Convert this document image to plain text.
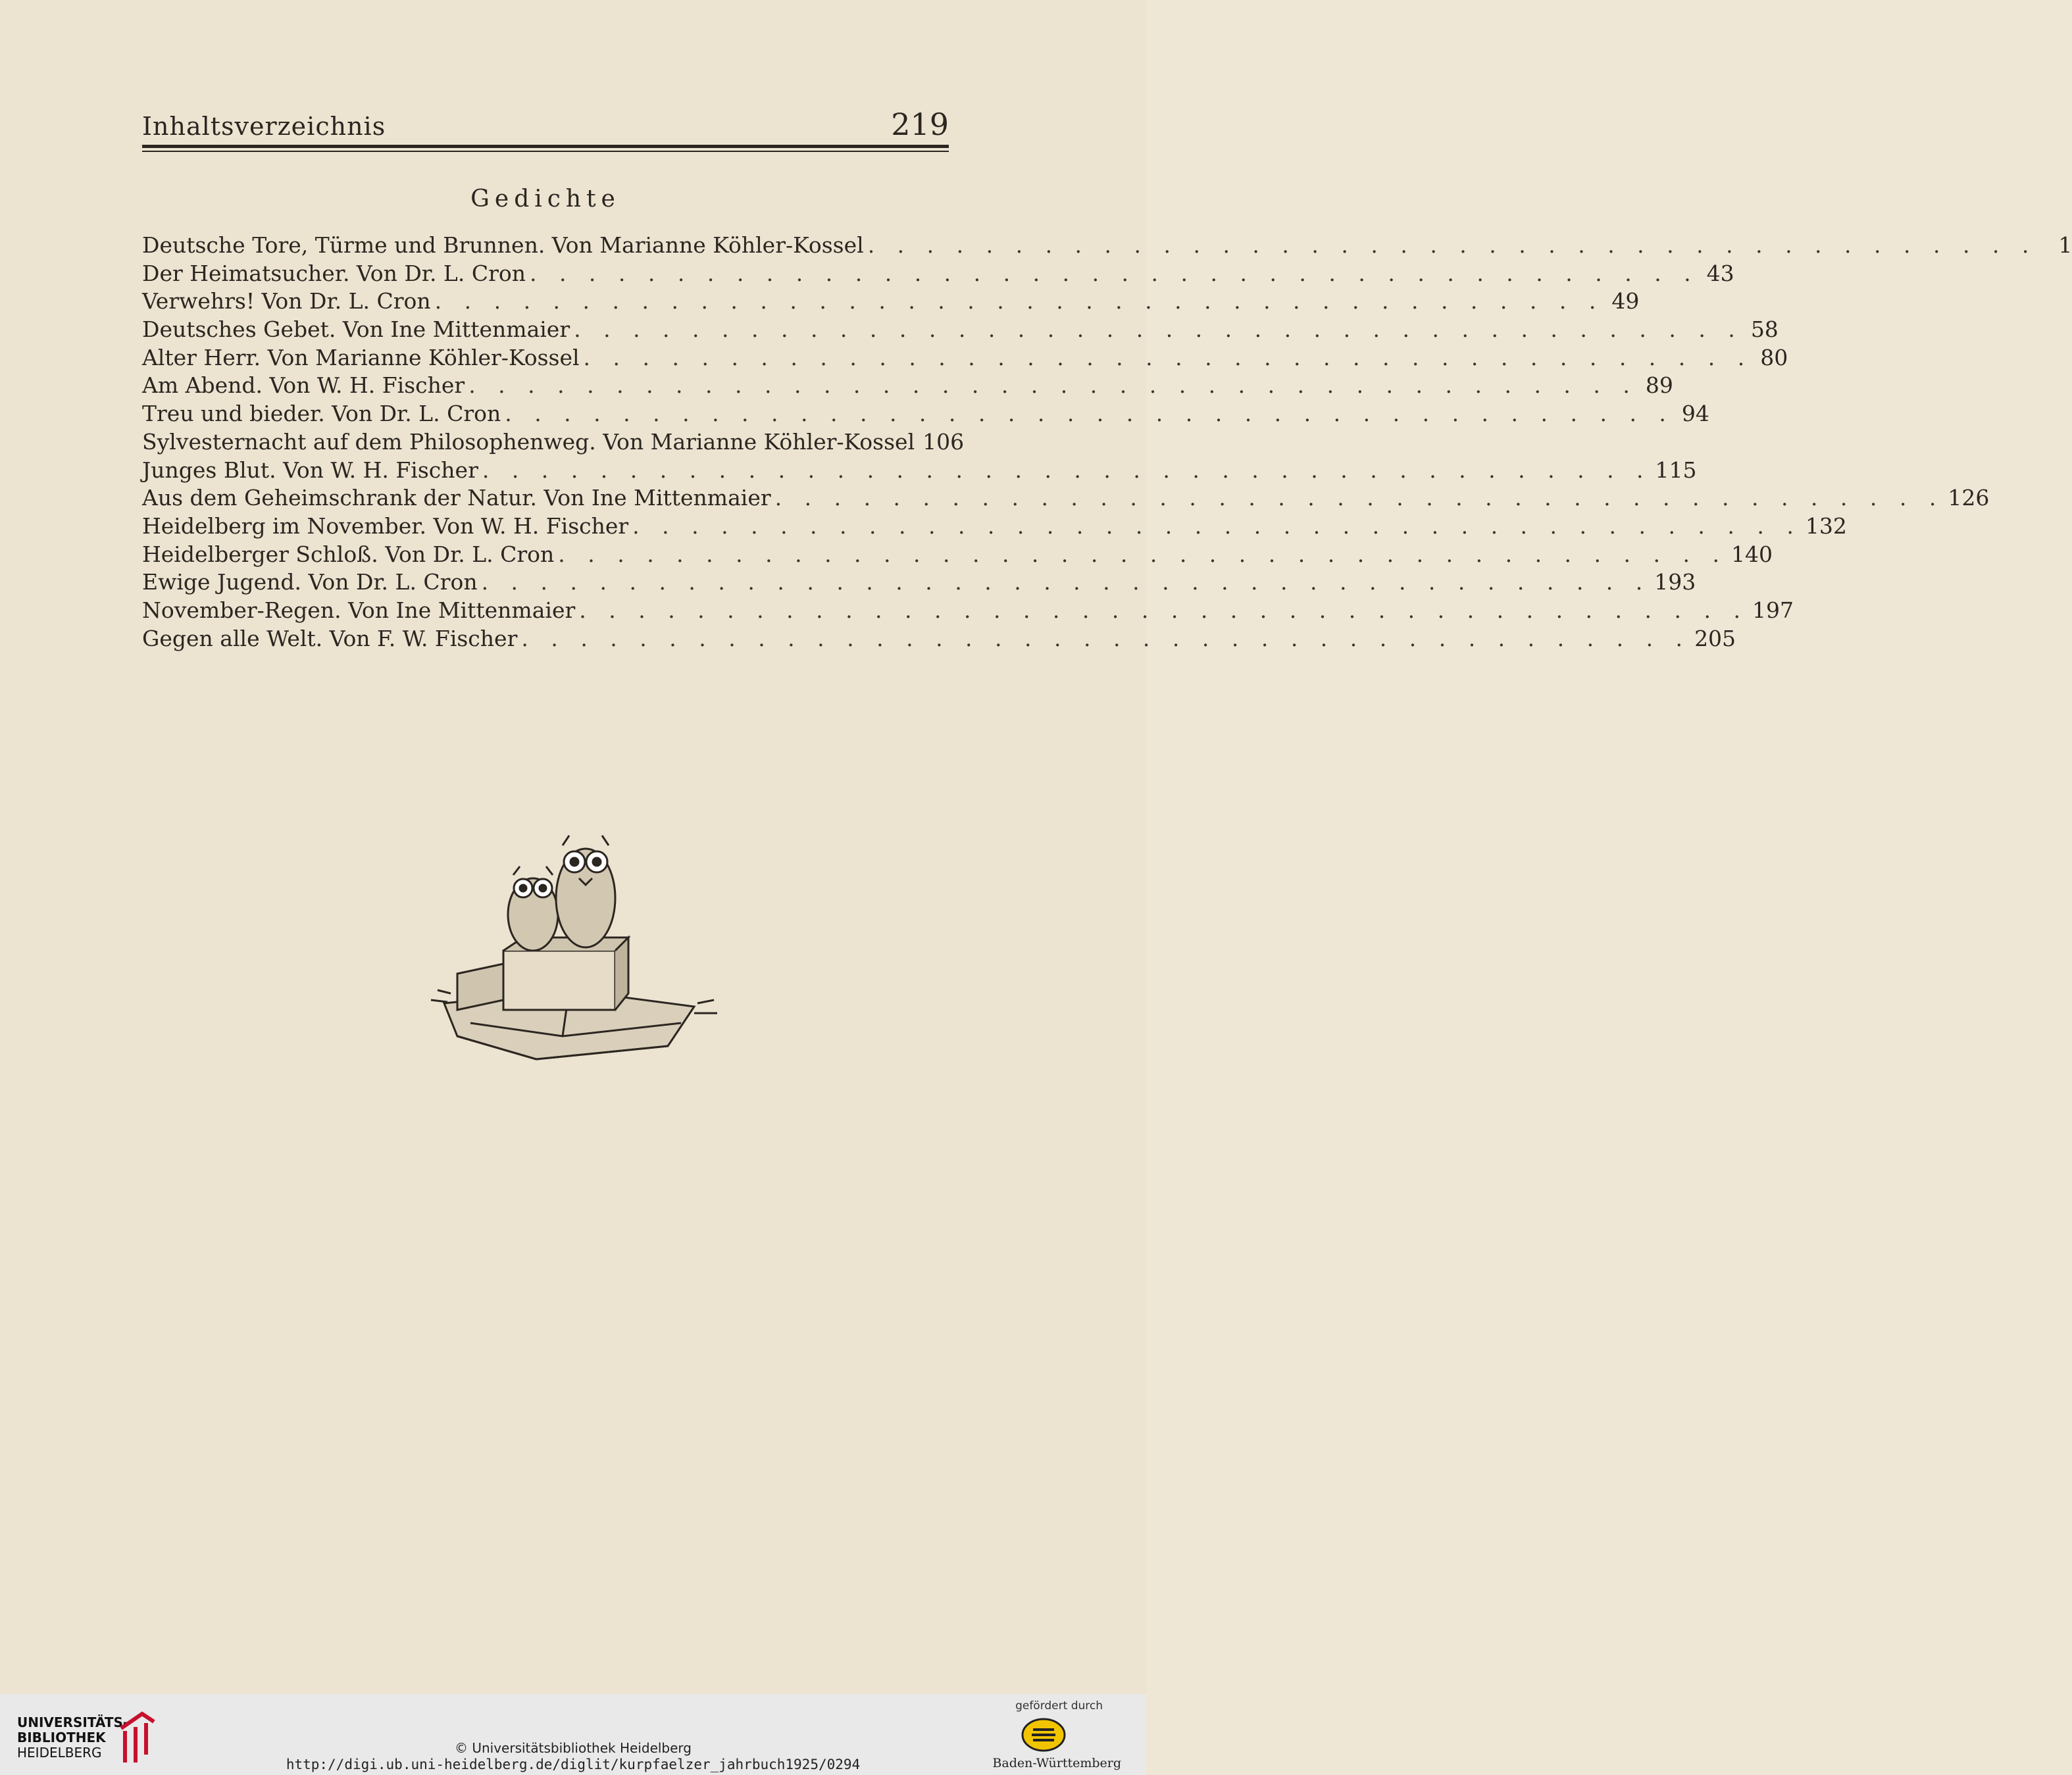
Inhaltsverzeichnis	219
Gedichte
Deutsche Tore, Türme und Brunnen. Von Marianne Köhler-Kossel . . . . . . . . . . . . . . . . . . . . . . . . . . . . . . . . . . . . . . . .	1
Der Heimatsucher. Von Dr. L. Cron . . . . . . . . . . . . . . . . . . . . . . . . . . . . . . . . . . . . . . . . 43
Verwehrs! Von Dr. L. Cron . . . . . . . . . . . . . . . . . . . . . . . . . . . . . . . . . . . . . . . . 49
Deutsches Gebet. Von Ine Mittenmaier . . . . . . . . . . . . . . . . . . . . . . . . . . . . . . . . . . . . . . . . 58
Alter Herr. Von Marianne Köhler-Kossel . . . . . . . . . . . . . . . . . . . . . . . . . . . . . . . . . . . . . . . . 80
Am Abend. Von W. H. Fischer . . . . . . . . . . . . . . . . . . . . . . . . . . . . . . . . . . . . . . . . 89
Treu und bieder. Von Dr. L. Cron . . . . . . . . . . . . . . . . . . . . . . . . . . . . . . . . . . . . . . . . 94
Sylvesternacht auf dem Philosophenweg. Von Marianne Köhler-Kossel 106
Junges Blut. Von W. H. Fischer . . . . . . . . . . . . . . . . . . . . . . . . . . . . . . . . . . . . . . . . 115
Aus dem Geheimschrank der Natur. Von Ine Mittenmaier . . . . . . . . . . . . . . . . . . . . . . . . . . . . . . . . . . . . . . . . 126
Heidelberg im November. Von W. H. Fischer . . . . . . . . . . . . . . . . . . . . . . . . . . . . . . . . . . . . . . . . 132
Heidelberger Schloß. Von Dr. L. Cron . . . . . . . . . . . . . . . . . . . . . . . . . . . . . . . . . . . . . . . . 140
Ewige Jugend. Von Dr. L. Cron . . . . . . . . . . . . . . . . . . . . . . . . . . . . . . . . . . . . . . . . 193
November-Regen. Von Ine Mittenmaier . . . . . . . . . . . . . . . . . . . . . . . . . . . . . . . . . . . . . . . . 197
Gegen alle Welt. Von F. W. Fischer . . . . . . . . . . . . . . . . . . . . . . . . . . . . . . . . . . . . . . . . 205
UNIVERSITÄTS-
BIBLIOTHEK
HEIDELBERG	© Universitätsbibliothek Heidelberg
http://digi.ub.uni-heidelberg.de/diglit/kurpfaelzer_jahrbuch1925/0294
gefördert durch
Baden-Württemberg
